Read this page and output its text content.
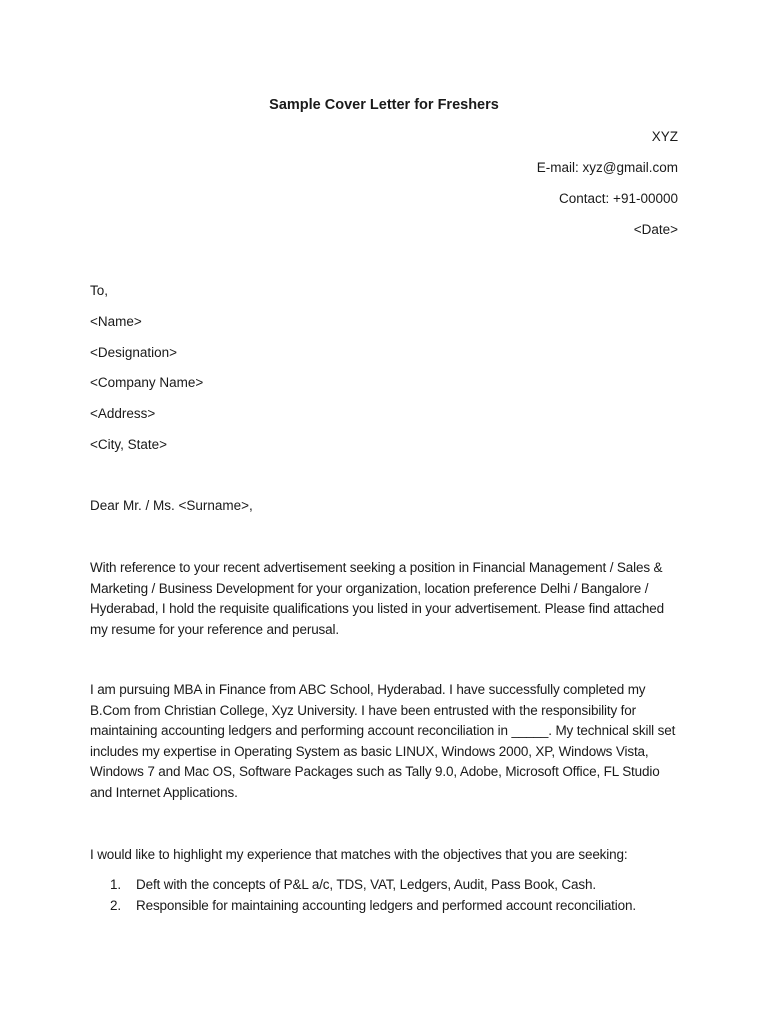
Sample Cover Letter for Freshers
XYZ
E-mail: xyz@gmail.com
Contact: +91-00000
<Date>
To,
<Name>
<Designation>
<Company Name>
<Address>
<City, State>
Dear Mr. / Ms. <Surname>,
With reference to your recent advertisement seeking a position in Financial Management / Sales & Marketing / Business Development for your organization, location preference Delhi / Bangalore / Hyderabad, I hold the requisite qualifications you listed in your advertisement. Please find attached my resume for your reference and perusal.
I am pursuing MBA in Finance from ABC School, Hyderabad. I have successfully completed my B.Com from Christian College, Xyz University. I have been entrusted with the responsibility for maintaining accounting ledgers and performing account reconciliation in _____. My technical skill set includes my expertise in Operating System as basic LINUX, Windows 2000, XP, Windows Vista, Windows 7 and Mac OS, Software Packages such as Tally 9.0, Adobe, Microsoft Office, FL Studio and Internet Applications.
I would like to highlight my experience that matches with the objectives that you are seeking:
1.	Deft with the concepts of P&L a/c, TDS, VAT, Ledgers, Audit, Pass Book, Cash.
2.	Responsible for maintaining accounting ledgers and performed account reconciliation.
